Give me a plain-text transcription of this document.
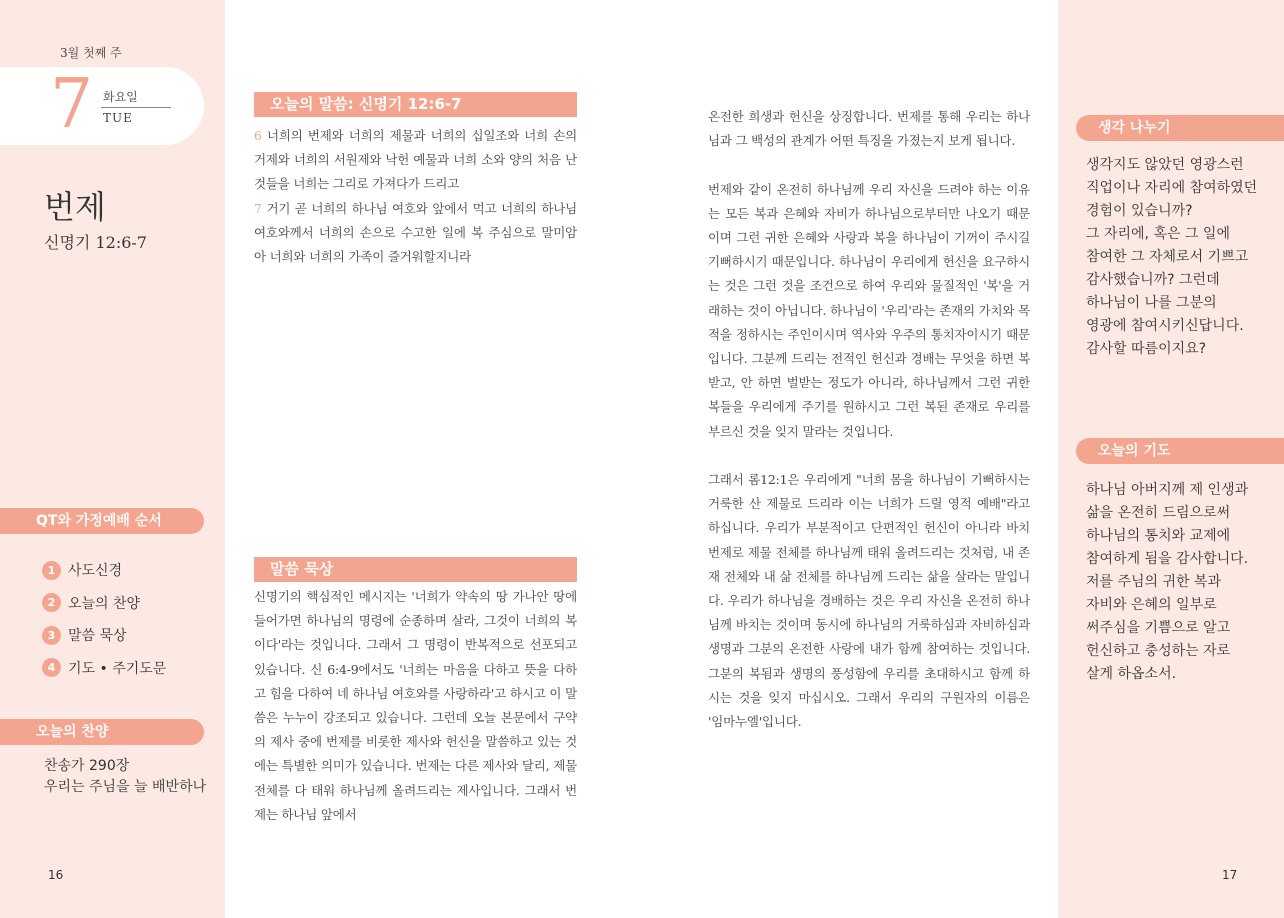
3월 첫째 주
7 화요일
TUE
번제
신명기 12:6-7
QT와 가정예배 순서
1 사도신경
2 오늘의 찬양
3 말씀 묵상
4 기도 • 주기도문
오늘의 찬양
찬송가 290장
우리는 주님을 늘 배반하나
16
오늘의 말씀: 신명기 12:6-7
6 너희의 번제와 너희의 제물과 너희의 십일조와 너희 손의 거제와 너희의 서원제와 낙헌 예물과 너희 소와 양의 처음 난 것들을 너희는 그리로 가져다가 드리고
7 거기 곧 너희의 하나님 여호와 앞에서 먹고 너희의 하나님 여호와께서 너희의 손으로 수고한 일에 복 주심으로 말미암아 너희와 너희의 가족이 즐거워할지니라
말씀 묵상
신명기의 핵심적인 메시지는 '너희가 약속의 땅 가나안 땅에 들어가면 하나님의 명령에 순종하며 살라, 그것이 너희의 복이다'라는 것입니다. 그래서 그 명령이 반복적으로 선포되고 있습니다. 신 6:4-9에서도 '너희는 마음을 다하고 뜻을 다하고 힘을 다하여 네 하나님 여호와를 사랑하라'고 하시고 이 말씀은 누누이 강조되고 있습니다. 그런데 오늘 본문에서 구약의 제사 중에 번제를 비롯한 제사와 헌신을 말씀하고 있는 것에는 특별한 의미가 있습니다. 번제는 다른 제사와 달리, 제물 전체를 다 태워 하나님께 올려드리는 제사입니다. 그래서 번제는 하나님 앞에서

온전한 희생과 헌신을 상징합니다. 번제를 통해 우리는 하나님과 그 백성의 관계가 어떤 특징을 가졌는지 보게 됩니다.

번제와 같이 온전히 하나님께 우리 자신을 드려야 하는 이유는 모든 복과 은혜와 자비가 하나님으로부터만 나오기 때문이며 그런 귀한 은혜와 사랑과 복을 하나님이 기꺼이 주시길 기뻐하시기 때문입니다. 하나님이 우리에게 헌신을 요구하시는 것은 그런 것을 조건으로 하여 우리와 물질적인 '복'을 거래하는 것이 아닙니다. 하나님이 '우리'라는 존재의 가치와 목적을 정하시는 주인이시며 역사와 우주의 통치자이시기 때문입니다. 그분께 드리는 전적인 헌신과 경배는 무엇을 하면 복받고, 안 하면 벌받는 정도가 아니라, 하나님께서 그런 귀한 복들을 우리에게 주기를 원하시고 그런 복된 존재로 우리를 부르신 것을 잊지 말라는 것입니다.

그래서 롬12:1은 우리에게 "너희 몸을 하나님이 기뻐하시는 거룩한 산 제물로 드리라 이는 너희가 드릴 영적 예배"라고 하십니다. 우리가 부분적이고 단편적인 헌신이 아니라 바치 번제로 제물 전체를 하나님께 태워 올려드리는 것처럼, 내 존재 전체와 내 삶 전체를 하나님께 드리는 삶을 살라는 말입니다. 우리가 하나님을 경배하는 것은 우리 자신을 온전히 하나님께 바치는 것이며 동시에 하나님의 거룩하심과 자비하심과 생명과 그분의 온전한 사랑에 내가 함께 참여하는 것입니다. 그분의 복됨과 생명의 풍성함에 우리를 초대하시고 함께 하시는 것을 잊지 마십시오. 그래서 우리의 구원자의 이름은 '임마누엘'입니다.

생각 나누기
생각지도 않았던 영광스런
직업이나 자리에 참여하였던
경험이 있습니까?
그 자리에, 혹은 그 일에
참여한 그 자체로서 기쁘고
감사했습니까? 그런데
하나님이 나를 그분의
영광에 참여시키신답니다.
감사할 따름이지요?
오늘의 기도
하나님 아버지께 제 인생과
삶을 온전히 드림으로써
하나님의 통치와 교제에
참여하게 됨을 감사합니다.
저를 주님의 귀한 복과
자비와 은혜의 일부로
써주심을 기쁨으로 알고
헌신하고 충성하는 자로
살게 하옵소서.
17
